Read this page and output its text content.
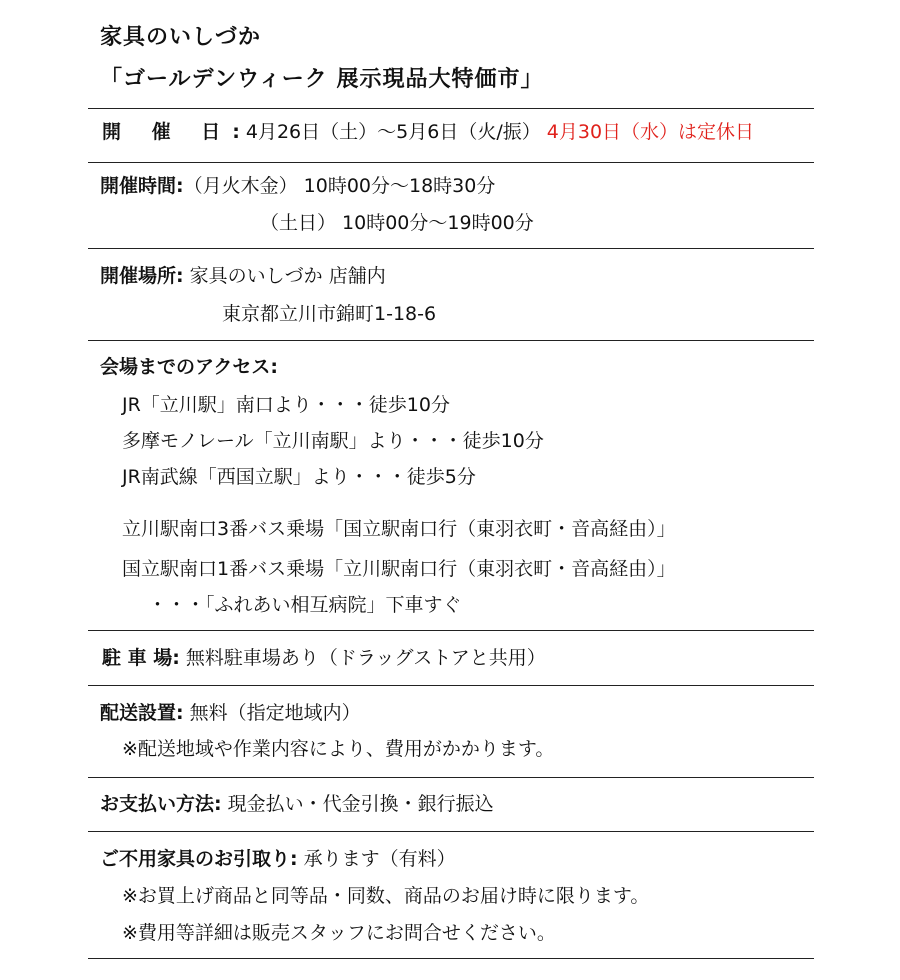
家具のいしづか
「ゴールデンウィーク 展示現品大特価市」
開 催 日: 4月26日（土）～5月6日（火/振） 4月30日（水）は定休日
開催時間:（月火木金） 10時00分～18時30分
（土日） 10時00分～19時00分
開催場所: 家具のいしづか 店舗内
東京都立川市錦町1-18-6
会場までのアクセス:
JR「立川駅」南口より・・・徒歩10分
多摩モノレール「立川南駅」より・・・徒歩10分
JR南武線「西国立駅」より・・・徒歩5分
立川駅南口3番バス乗場「国立駅南口行（東羽衣町・音高経由）」
国立駅南口1番バス乗場「立川駅南口行（東羽衣町・音高経由）」
・・・「ふれあい相互病院」下車すぐ
駐 車 場: 無料駐車場あり（ドラッグストアと共用）
配送設置: 無料（指定地域内）
※配送地域や作業内容により、費用がかかります。
お支払い方法: 現金払い・代金引換・銀行振込
ご不用家具のお引取り: 承ります（有料）
※お買上げ商品と同等品・同数、商品のお届け時に限ります。
※費用等詳細は販売スタッフにお問合せください。
